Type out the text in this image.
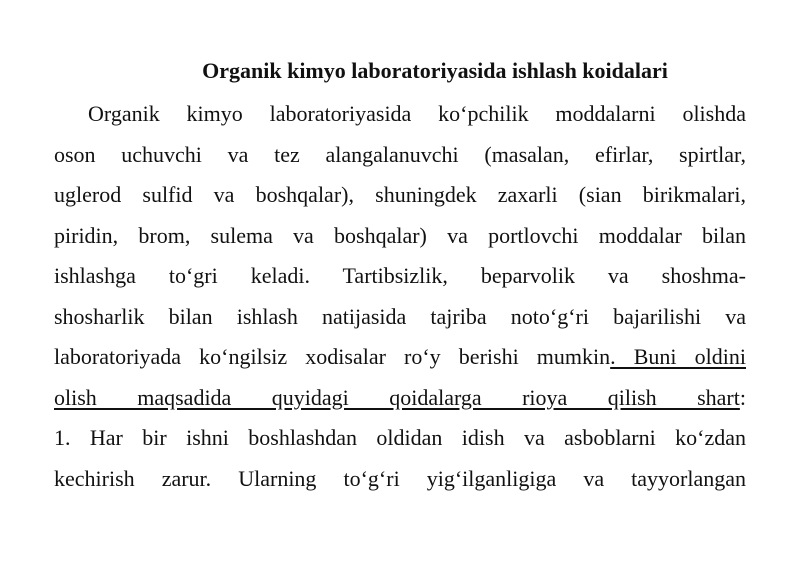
Organik kimyo laboratoriyasida ishlash koidalari
Organik kimyo laboratoriyasida ko‘pchilik moddalarni olishda
oson uchuvchi va tez alangalanuvchi (masalan, efirlar, spirtlar,
uglerod sulfid va boshqalar), shuningdek zaxarli (sian birikmalari,
piridin, brom, sulema va boshqalar) va portlovchi moddalar bilan
ishlashga to‘gri keladi. Tartibsizlik, beparvolik va shoshma-
shosharlik bilan ishlash natijasida tajriba noto‘g‘ri bajarilishi va
laboratoriyada ko‘ngilsiz xodisalar ro‘y berishi mumkin. Buni oldini
olish maqsadida quyidagi qoidalarga rioya qilish shart:
1. Har bir ishni boshlashdan oldidan idish va asboblarni ko‘zdan
kechirish zarur. Ularning to‘g‘ri yig‘ilganligiga va tayyorlangan
